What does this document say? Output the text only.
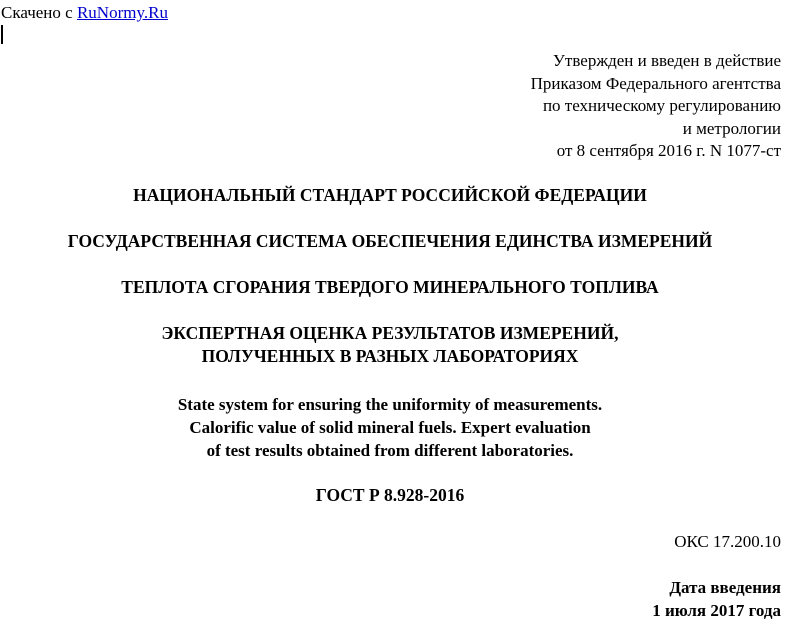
Скачено с RuNormy.Ru
Утвержден и введен в действие
Приказом Федерального агентства
по техническому регулированию
и метрологии
от 8 сентября 2016 г. N 1077-ст
НАЦИОНАЛЬНЫЙ СТАНДАРТ РОССИЙСКОЙ ФЕДЕРАЦИИ
ГОСУДАРСТВЕННАЯ СИСТЕМА ОБЕСПЕЧЕНИЯ ЕДИНСТВА ИЗМЕРЕНИЙ
ТЕПЛОТА СГОРАНИЯ ТВЕРДОГО МИНЕРАЛЬНОГО ТОПЛИВА
ЭКСПЕРТНАЯ ОЦЕНКА РЕЗУЛЬТАТОВ ИЗМЕРЕНИЙ,
ПОЛУЧЕННЫХ В РАЗНЫХ ЛАБОРАТОРИЯХ
State system for ensuring the uniformity of measurements.
Calorific value of solid mineral fuels. Expert evaluation
of test results obtained from different laboratories.
ГОСТ Р 8.928-2016
ОКС 17.200.10
Дата введения
1 июля 2017 года
